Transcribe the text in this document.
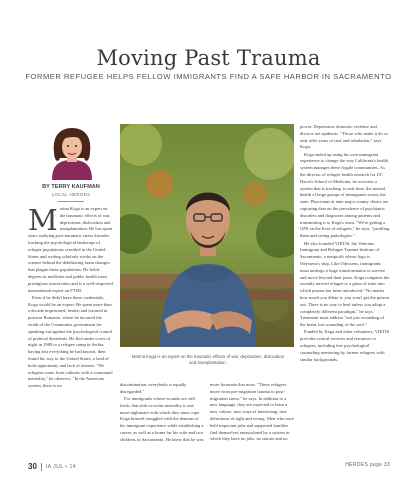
Moving Past Trauma
FORMER REFUGEE HELPS FELLOW IMMIGRANTS FIND A SAFE HARBOR IN SACRAMENTO
BY TERRY KAUFMAN
LOCAL HEROES
M arina Koga is an expert on the traumatic effects of war, deprivation, dislocation and transplantation. He has spent years studying post-traumatic stress disorder, tracking the psychological landscape of refugee populations resettled in the United States and writing scholarly works on the science behind the debilitating brain changes that plague these populations. He holds degrees in medicine and public health from prestigious universities and is a well-respected international expert on PTSD.

Even if he didn't have these credentials, Koga would be an expert: He spent more than a decade imprisoned, beaten and tortured in postwar Romania, where he incurred the wrath of the Communist government for speaking out against the psychological control of political dissidents. He fled under cover of night in 1989 to a refugee camp in Serbia, having lost everything he had known, then found his way to the United States, a land of both opportunity and lack of interest. "We refugees come from cultures with a communal mentality," he observes. "In the American system, there is no

Marina Koga is an expert on the traumatic effects of war, deprivation, dislocation and transplantation.

discrimination, everybody is equally disregarded."

For immigrants whose wounds are still fresh, that sink-or-swim mentality is one more nightmare with which they must cope. Koga himself struggled with the demons of his immigrant experience while establishing a career, as well as a home for his wife and two children, in Sacramento. He knew that he was

more fortunate that most. "These refugees move from pre-migration trauma to post-migration stress," he says. In addition to a new language, they are expected to learn a new culture, new ways of interacting, new definitions of right and wrong. Men who once held important jobs and supported families find themselves emasculated by a system in which they have no jobs, no stature and no

power. Depression, domestic violence and divorce are epidemic. "Those who make it do so only after years of trial and tribulation," says Koga.

Koga ended up using his own immigrant experience to change the way California's health system manages these fragile communities. As the director of refugee health research for UC Davis's School of Medicine, he oversees a system that is tracking, in real time, the mental health of large groups of immigrants across the state. Physicians at nine major county clinics are capturing data on the prevalence of psychiatric disorders and diagnoses among patients and transmitting it to Koga's team. "We're getting a GPS on the lives of refugees," he says, "profiling them and seeing pathologies."

He also founded VIETIS, the Veterans, Immigrant and Refugee Trauma Institute of Sacramento, a nonprofit whose logo is Odysseus's ship. Like Odysseus, immigrants must undergo a huge transformation to survive and move beyond their pasts. Koga compares the recently arrived refugee to a glass of wine into which poison has been introduced: "No matter how much you dilute it, you won't get the poison out. There is no way to heal unless you adopt a completely different paradigm," he says. Treatment must address "not just wounding of the brain, but wounding of the soul."

Funded by Koga and other volunteers, VIETIS provides critical services and resources to refugees, including free psychological counseling mentoring by former refugees with similar backgrounds,

30 IA JUL • 14	HEROES page 33
